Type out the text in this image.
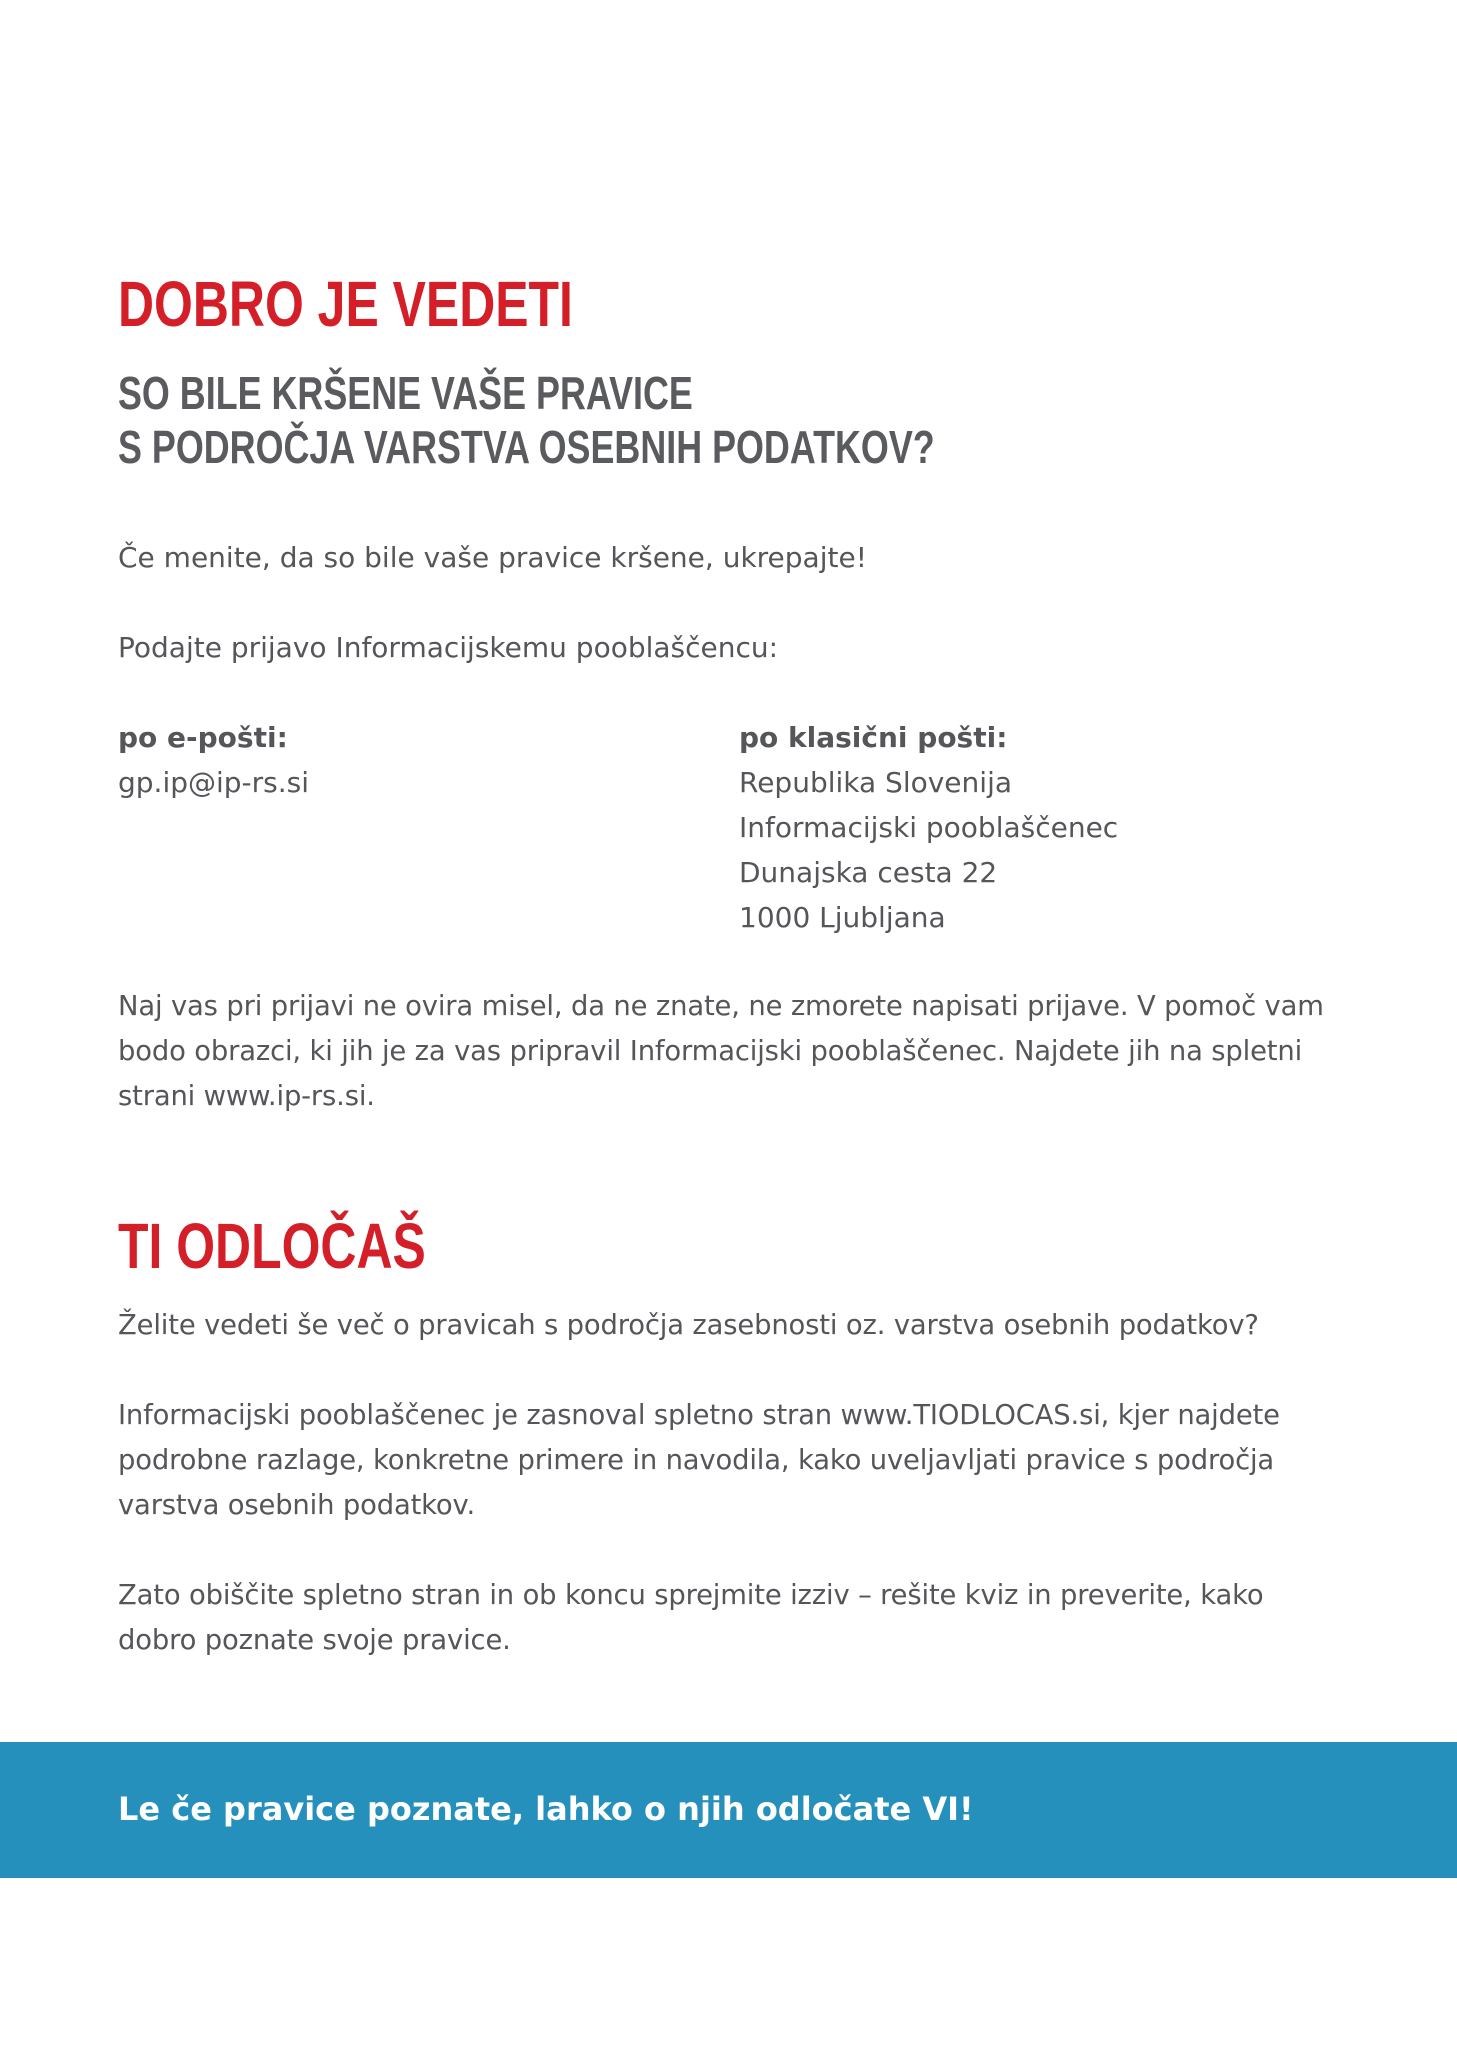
DOBRO JE VEDETI
SO BILE KRŠENE VAŠE PRAVICE
S PODROČJA VARSTVA OSEBNIH PODATKOV?

Če menite, da so bile vaše pravice kršene, ukrepajte!

Podajte prijavo Informacijskemu pooblaščencu:

po e-pošti:
gp.ip@ip-rs.si
po klasični pošti:
Republika Slovenija
Informacijski pooblaščenec
Dunajska cesta 22
1000 Ljubljana

Naj vas pri prijavi ne ovira misel, da ne znate, ne zmorete napisati prijave. V pomoč vam bodo obrazci, ki jih je za vas pripravil Informacijski pooblaščenec. Najdete jih na spletni strani www.ip-rs.si.

TI ODLOČAŠ

Želite vedeti še več o pravicah s področja zasebnosti oz. varstva osebnih podatkov?

Informacijski pooblaščenec je zasnoval spletno stran www.TIODLOCAS.si, kjer najdete podrobne razlage, konkretne primere in navodila, kako uveljavljati pravice s področja varstva osebnih podatkov.

Zato obiščite spletno stran in ob koncu sprejmite izziv – rešite kviz in preverite, kako dobro poznate svoje pravice.

Le če pravice poznate, lahko o njih odločate VI!
